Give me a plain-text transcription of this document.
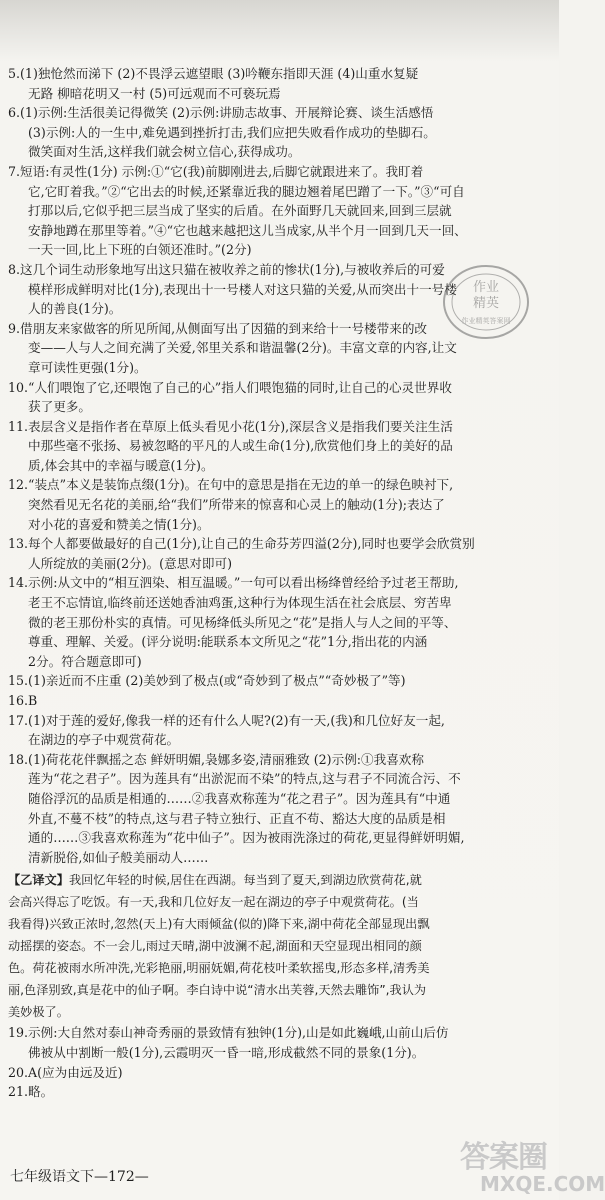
5.(1)独怆然而涕下 (2)不畏浮云遮望眼 (3)吟鞭东指即天涯 (4)山重水复疑
无路 柳暗花明又一村 (5)可远观而不可亵玩焉
6.(1)示例:生活很美记得微笑 (2)示例:讲励志故事、开展辩论赛、谈生活感悟
(3)示例:人的一生中,难免遇到挫折打击,我们应把失败看作成功的垫脚石。
微笑面对生活,这样我们就会树立信心,获得成功。
7.短语:有灵性(1分) 示例:①“它(我)前脚刚进去,后脚它就跟进来了。我盯着
它,它盯着我。”②“它出去的时候,还紧靠近我的腿边翘着尾巴蹭了一下。”③“可自
打那以后,它似乎把三层当成了坚实的后盾。在外面野几天就回来,回到三层就
安静地蹲在那里等着。”④“它也越来越把这儿当成家,从半个月一回到几天一回、
一天一回,比上下班的白领还准时。”(2分)
8.这几个词生动形象地写出这只猫在被收养之前的惨状(1分),与被收养后的可爱
模样形成鲜明对比(1分),表现出十一号楼人对这只猫的关爱,从而突出十一号楼
人的善良(1分)。
9.借朋友来家做客的所见所闻,从侧面写出了因猫的到来给十一号楼带来的改
变——人与人之间充满了关爱,邻里关系和谐温馨(2分)。丰富文章的内容,让文
章可读性更强(1分)。
10.“人们喂饱了它,还喂饱了自己的心”指人们喂饱猫的同时,让自己的心灵世界收
获了更多。
11.表层含义是指作者在草原上低头看见小花(1分),深层含义是指我们要关注生活
中那些毫不张扬、易被忽略的平凡的人或生命(1分),欣赏他们身上的美好的品
质,体会其中的幸福与暖意(1分)。
12.“装点”本义是装饰点缀(1分)。在句中的意思是指在无边的单一的绿色映衬下,
突然看见无名花的美丽,给“我们”所带来的惊喜和心灵上的触动(1分);表达了
对小花的喜爱和赞美之情(1分)。
13.每个人都要做最好的自己(1分),让自己的生命芬芳四溢(2分),同时也要学会欣赏别
人所绽放的美丽(2分)。(意思对即可)
14.示例:从文中的“相互泗染、相互温暖。”一句可以看出杨绛曾经给予过老王帮助,
老王不忘情谊,临终前还送她香油鸡蛋,这种行为体现生活在社会底层、穷苦卑
微的老王那份朴实的真情。可见杨绛低头所见之“花”是指人与人之间的平等、
尊重、理解、关爱。(评分说明:能联系本文所见之“花”1分,指出花的内涵
2分。符合题意即可)
15.(1)亲近而不庄重 (2)美妙到了极点(或“奇妙到了极点”“奇妙极了”等)
16.B
17.(1)对于莲的爱好,像我一样的还有什么人呢?(2)有一天,(我)和几位好友一起,
在湖边的亭子中观赏荷花。
18.(1)荷花花伴飘摇之态 鲜妍明媚,袅娜多姿,清丽雅致 (2)示例:①我喜欢称
莲为“花之君子”。因为莲具有“出淤泥而不染”的特点,这与君子不同流合污、不
随俗浮沉的品质是相通的……②我喜欢称莲为“花之君子”。因为莲具有“中通
外直,不蔓不枝”的特点,这与君子特立独行、正直不苟、豁达大度的品质是相
通的……③我喜欢称莲为“花中仙子”。因为被雨洗涤过的荷花,更显得鲜妍明媚,
清新脱俗,如仙子般美丽动人……
【乙译文】我回忆年轻的时候,居住在西湖。每当到了夏天,到湖边欣赏荷花,就
会高兴得忘了吃饭。有一天,我和几位好友一起在湖边的亭子中观赏荷花。(当
我看得)兴致正浓时,忽然(天上)有大雨倾盆(似的)降下来,湖中荷花全部显现出飘
动摇摆的姿态。不一会儿,雨过天晴,湖中波澜不起,湖面和天空显现出相同的颜
色。荷花被雨水所冲洗,光彩艳丽,明丽妩媚,荷花枝叶柔软摇曳,形态多样,清秀美
丽,色泽别致,真是花中的仙子啊。李白诗中说“清水出芙蓉,天然去雕饰”,我认为
美妙极了。
19.示例:大自然对泰山神奇秀丽的景致情有独钟(1分),山是如此巍峨,山前山后仿
佛被从中割断一般(1分),云霞明灭一昏一暗,形成截然不同的景象(1分)。
20.A(应为由远及近)
21.略。
作业
精英
作业精英答案网
七年级语文下—172—
答案圈
MXQE.COM
